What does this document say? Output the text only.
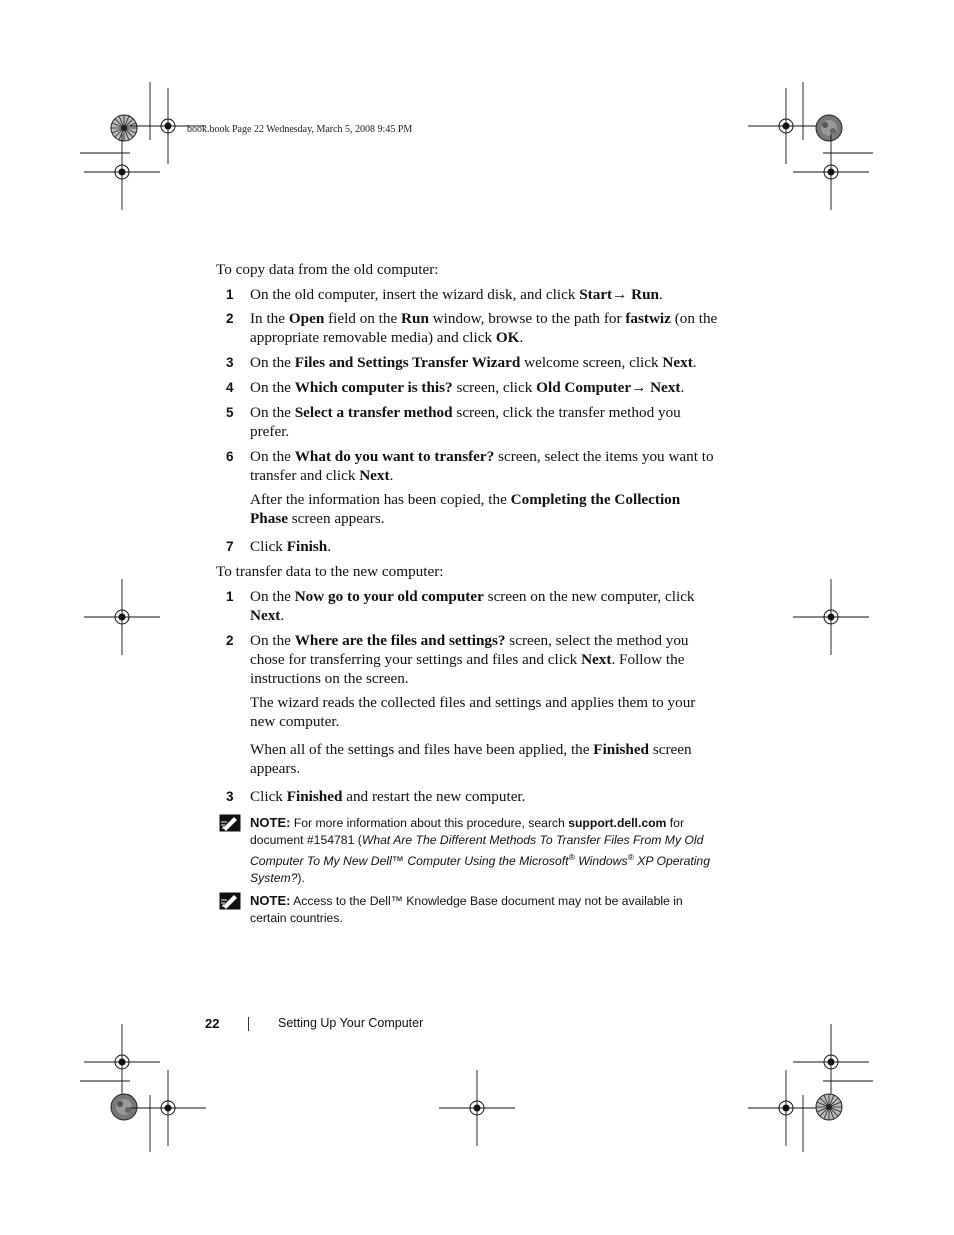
book.book Page 22 Wednesday, March 5, 2008 9:45 PM
To copy data from the old computer:
1 On the old computer, insert the wizard disk, and click Start→ Run.
2 In the Open field on the Run window, browse to the path for fastwiz (on the appropriate removable media) and click OK.
3 On the Files and Settings Transfer Wizard welcome screen, click Next.
4 On the Which computer is this? screen, click Old Computer→ Next.
5 On the Select a transfer method screen, click the transfer method you prefer.
6 On the What do you want to transfer? screen, select the items you want to transfer and click Next.
After the information has been copied, the Completing the Collection Phase screen appears.
7 Click Finish.
To transfer data to the new computer:
1 On the Now go to your old computer screen on the new computer, click Next.
2 On the Where are the files and settings? screen, select the method you chose for transferring your settings and files and click Next. Follow the instructions on the screen.
The wizard reads the collected files and settings and applies them to your new computer.
When all of the settings and files have been applied, the Finished screen appears.
3 Click Finished and restart the new computer.
NOTE: For more information about this procedure, search support.dell.com for document #154781 (What Are The Different Methods To Transfer Files From My Old Computer To My New Dell™ Computer Using the Microsoft® Windows® XP Operating System?).
NOTE: Access to the Dell™ Knowledge Base document may not be available in certain countries.
22	Setting Up Your Computer
